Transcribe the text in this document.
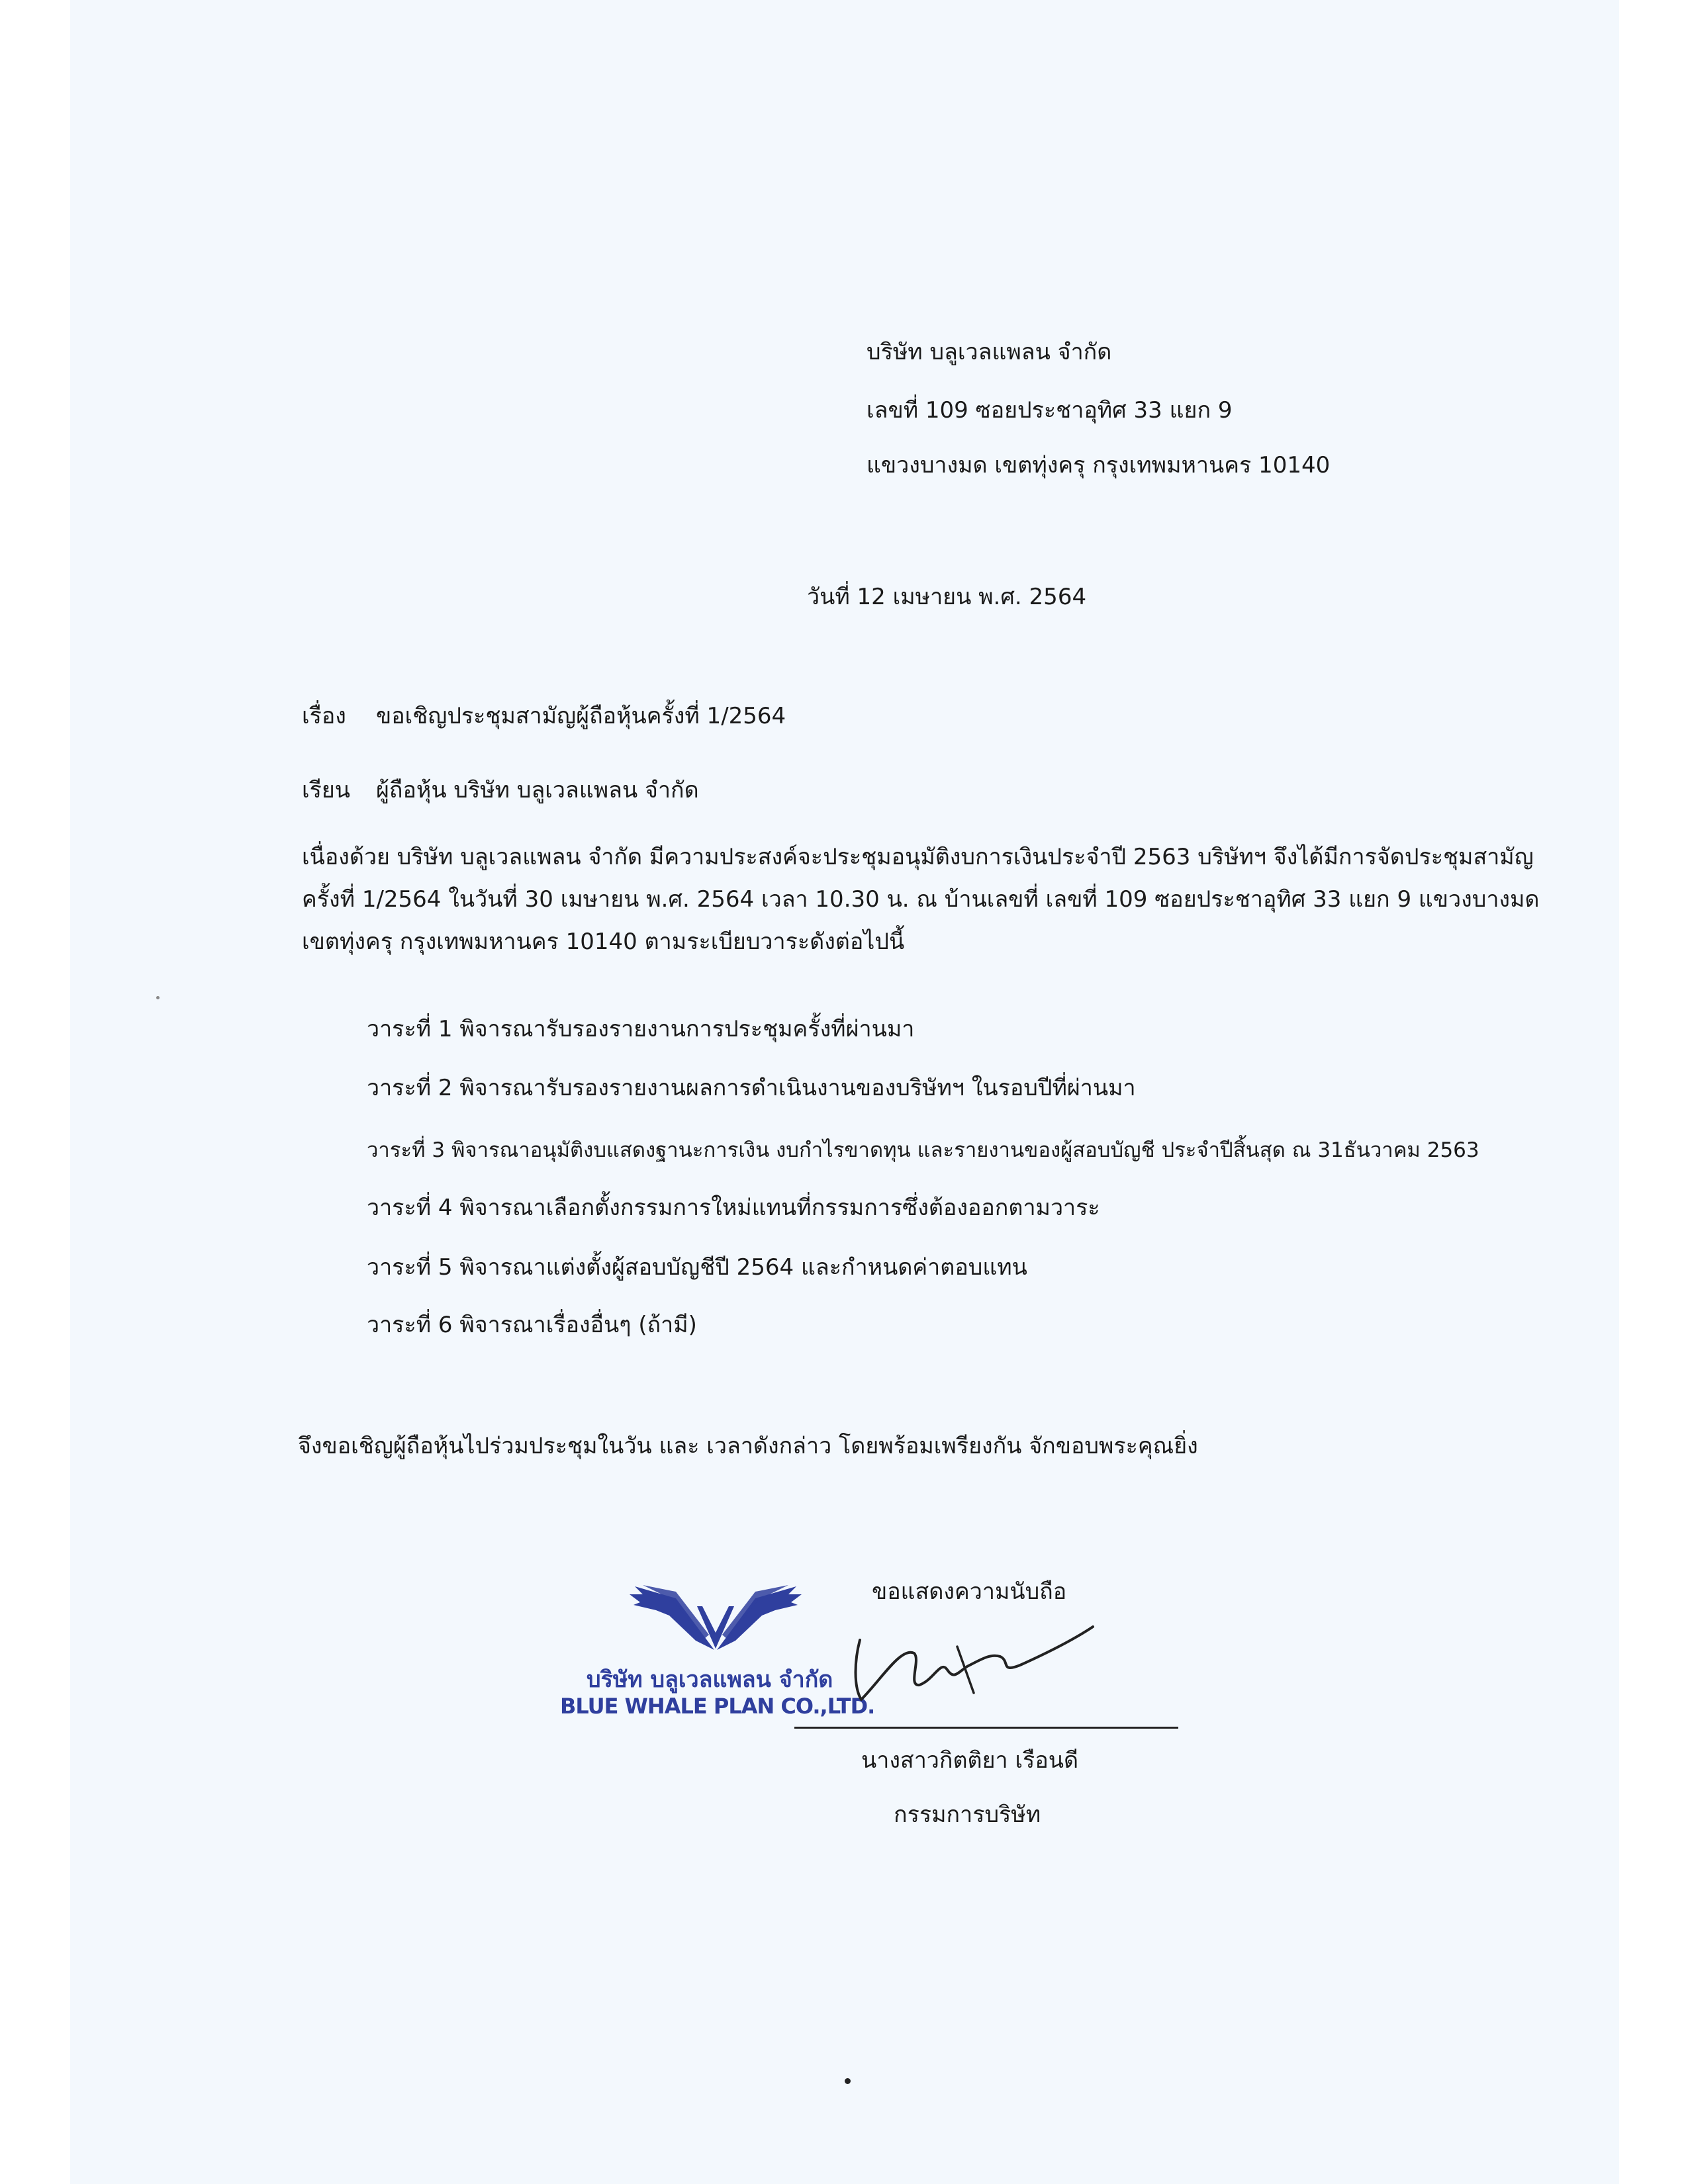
บริษัท บลูเวลแพลน จำกัด
เลขที่ 109 ซอยประชาอุทิศ 33 แยก 9
แขวงบางมด เขตทุ่งครุ กรุงเทพมหานคร 10140
วันที่ 12 เมษายน พ.ศ. 2564
เรื่อง ขอเชิญประชุมสามัญผู้ถือหุ้นครั้งที่ 1/2564
เรียน ผู้ถือหุ้น บริษัท บลูเวลแพลน จำกัด
เนื่องด้วย บริษัท บลูเวลแพลน จำกัด มีความประสงค์จะประชุมอนุมัติงบการเงินประจำปี 2563 บริษัทฯ จึงได้มีการจัดประชุมสามัญ
ครั้งที่ 1/2564 ในวันที่ 30 เมษายน พ.ศ. 2564 เวลา 10.30 น. ณ บ้านเลขที่ เลขที่ 109 ซอยประชาอุทิศ 33 แยก 9 แขวงบางมด
เขตทุ่งครุ กรุงเทพมหานคร 10140 ตามระเบียบวาระดังต่อไปนี้
วาระที่ 1 พิจารณารับรองรายงานการประชุมครั้งที่ผ่านมา
วาระที่ 2 พิจารณารับรองรายงานผลการดำเนินงานของบริษัทฯ ในรอบปีที่ผ่านมา
วาระที่ 3 พิจารณาอนุมัติงบแสดงฐานะการเงิน งบกำไรขาดทุน และรายงานของผู้สอบบัญชี ประจำปีสิ้นสุด ณ 31ธันวาคม 2563
วาระที่ 4 พิจารณาเลือกตั้งกรรมการใหม่แทนที่กรรมการซึ่งต้องออกตามวาระ
วาระที่ 5 พิจารณาแต่งตั้งผู้สอบบัญชีปี 2564 และกำหนดค่าตอบแทน
วาระที่ 6 พิจารณาเรื่องอื่นๆ (ถ้ามี)
จึงขอเชิญผู้ถือหุ้นไปร่วมประชุมในวัน และ เวลาดังกล่าว โดยพร้อมเพรียงกัน จักขอบพระคุณยิ่ง
ขอแสดงความนับถือ
บริษัท บลูเวลแพลน จำกัด
BLUE WHALE PLAN CO.,LTD.
นางสาวกิตติยา เรือนดี
กรรมการบริษัท
